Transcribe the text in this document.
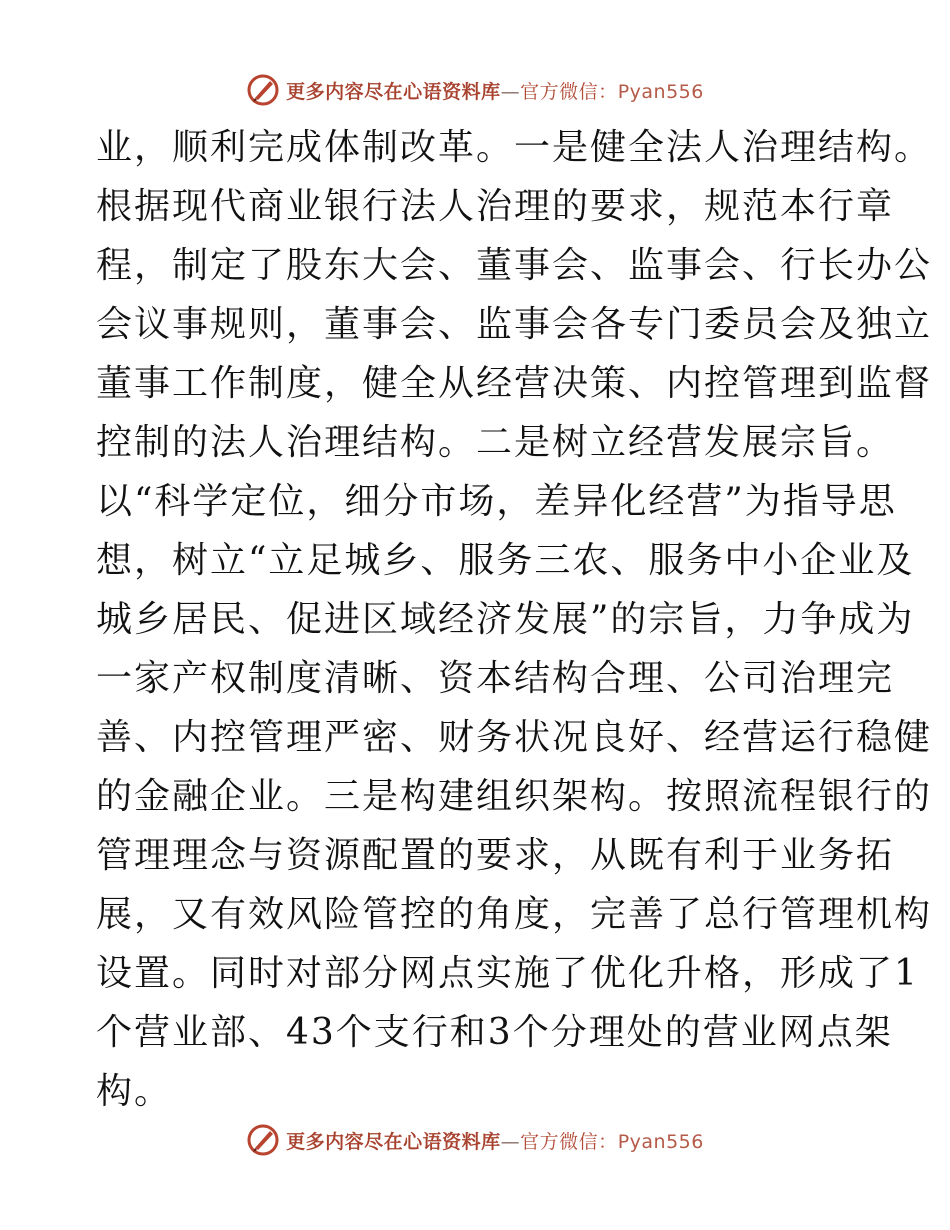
更多内容尽在心语资料库—官方微信：Pyan556
业，顺利完成体制改革。一是健全法人治理结构。
根据现代商业银行法人治理的要求，规范本行章
程，制定了股东大会、董事会、监事会、行长办公
会议事规则，董事会、监事会各专门委员会及独立
董事工作制度，健全从经营决策、内控管理到监督
控制的法人治理结构。二是树立经营发展宗旨。
以“科学定位，细分市场，差异化经营”为指导思
想，树立“立足城乡、服务三农、服务中小企业及
城乡居民、促进区域经济发展”的宗旨，力争成为
一家产权制度清晰、资本结构合理、公司治理完
善、内控管理严密、财务状况良好、经营运行稳健
的金融企业。三是构建组织架构。按照流程银行的
管理理念与资源配置的要求，从既有利于业务拓
展，又有效风险管控的角度，完善了总行管理机构
设置。同时对部分网点实施了优化升格，形成了1
个营业部、43个支行和3个分理处的营业网点架
构。
更多内容尽在心语资料库—官方微信：Pyan556
